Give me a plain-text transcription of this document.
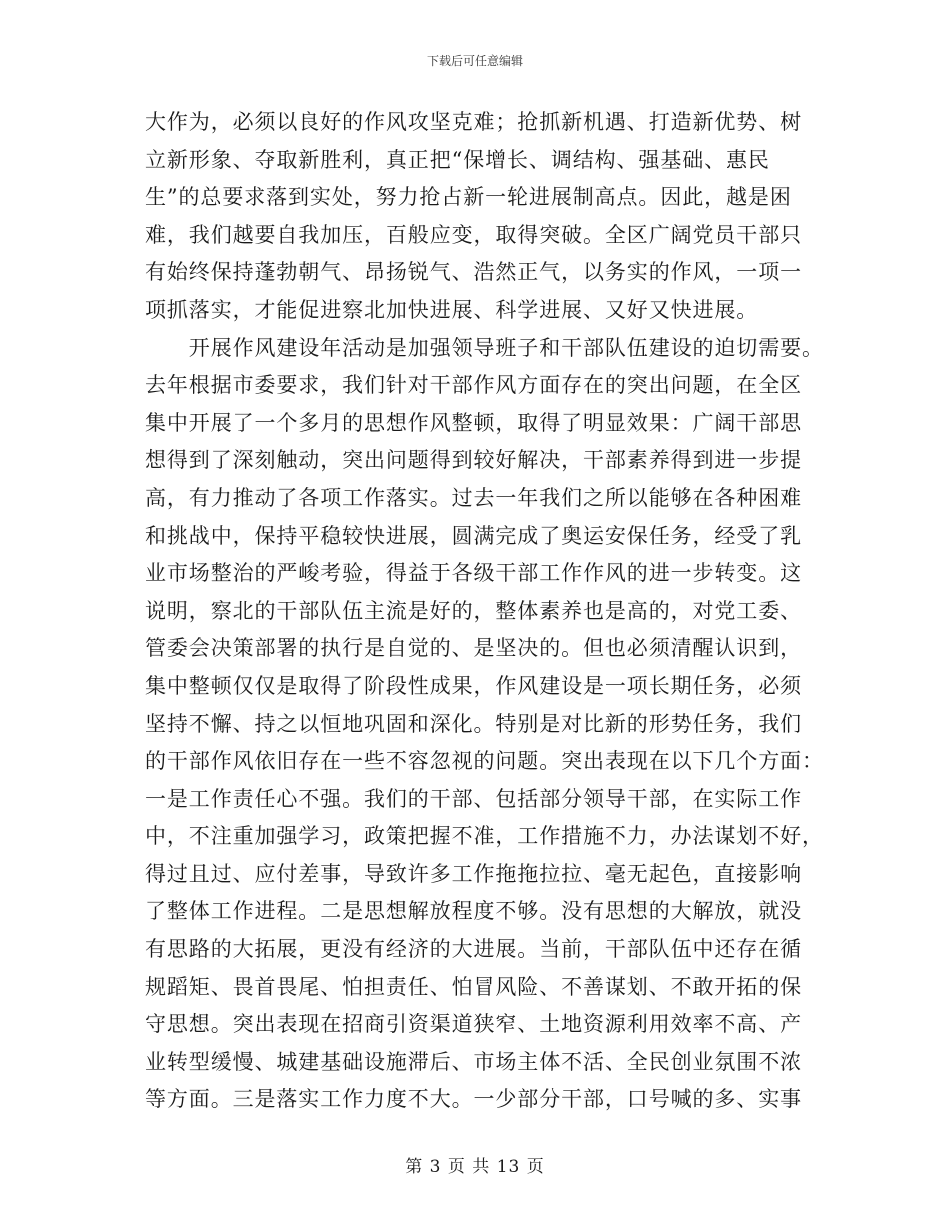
下载后可任意编辑
大作为，必须以良好的作风攻坚克难；抢抓新机遇、打造新优势、树
立新形象、夺取新胜利，真正把“保增长、调结构、强基础、惠民
生”的总要求落到实处，努力抢占新一轮进展制高点。因此，越是困
难，我们越要自我加压，百般应变，取得突破。全区广阔党员干部只
有始终保持蓬勃朝气、昂扬锐气、浩然正气，以务实的作风，一项一
项抓落实，才能促进察北加快进展、科学进展、又好又快进展。
　　开展作风建设年活动是加强领导班子和干部队伍建设的迫切需要。
去年根据市委要求，我们针对干部作风方面存在的突出问题，在全区
集中开展了一个多月的思想作风整顿，取得了明显效果：广阔干部思
想得到了深刻触动，突出问题得到较好解决，干部素养得到进一步提
高，有力推动了各项工作落实。过去一年我们之所以能够在各种困难
和挑战中，保持平稳较快进展，圆满完成了奥运安保任务，经受了乳
业市场整治的严峻考验，得益于各级干部工作作风的进一步转变。这
说明，察北的干部队伍主流是好的，整体素养也是高的，对党工委、
管委会决策部署的执行是自觉的、是坚决的。但也必须清醒认识到，
集中整顿仅仅是取得了阶段性成果，作风建设是一项长期任务，必须
坚持不懈、持之以恒地巩固和深化。特别是对比新的形势任务，我们
的干部作风依旧存在一些不容忽视的问题。突出表现在以下几个方面：
一是工作责任心不强。我们的干部、包括部分领导干部，在实际工作
中，不注重加强学习，政策把握不准，工作措施不力，办法谋划不好，
得过且过、应付差事，导致许多工作拖拖拉拉、毫无起色，直接影响
了整体工作进程。二是思想解放程度不够。没有思想的大解放，就没
有思路的大拓展，更没有经济的大进展。当前，干部队伍中还存在循
规蹈矩、畏首畏尾、怕担责任、怕冒风险、不善谋划、不敢开拓的保
守思想。突出表现在招商引资渠道狭窄、土地资源利用效率不高、产
业转型缓慢、城建基础设施滞后、市场主体不活、全民创业氛围不浓
等方面。三是落实工作力度不大。一少部分干部，口号喊的多、实事
第 3 页 共 13 页
